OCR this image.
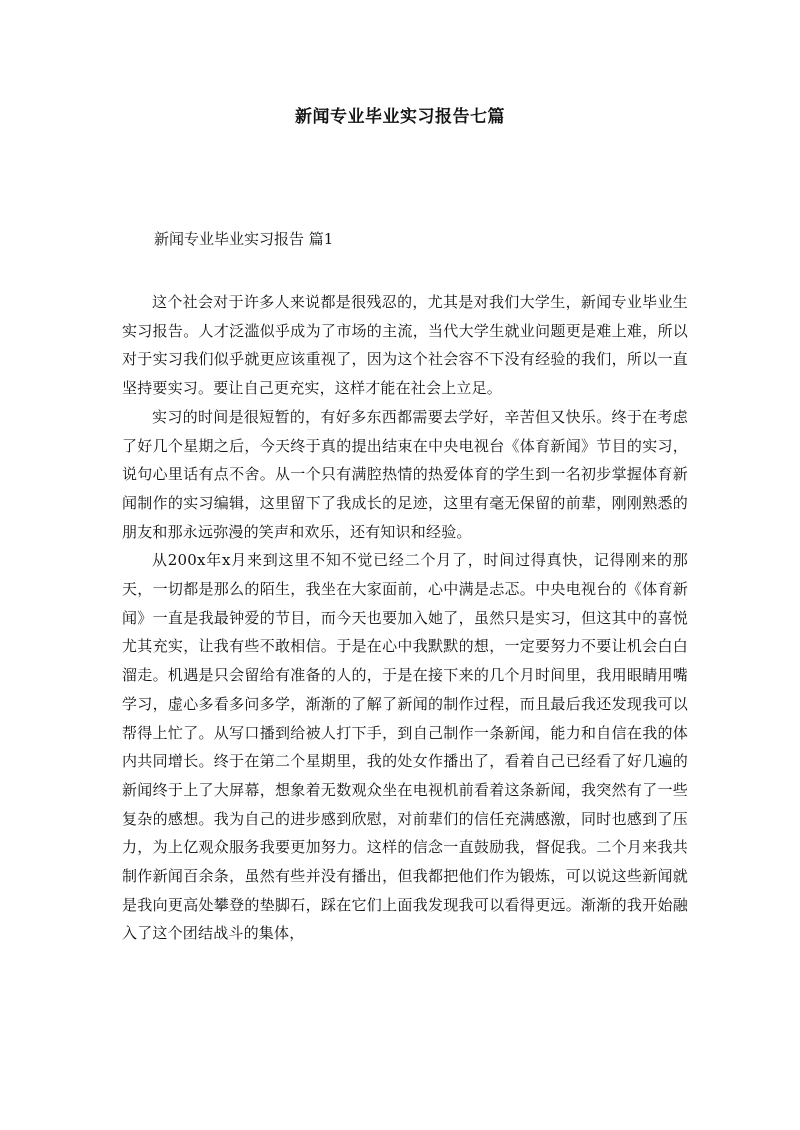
新闻专业毕业实习报告七篇
新闻专业毕业实习报告 篇1

这个社会对于许多人来说都是很残忍的，尤其是对我们大学生，新闻专业毕业生实习报告。人才泛滥似乎成为了市场的主流，当代大学生就业问题更是难上难，所以对于实习我们似乎就更应该重视了，因为这个社会容不下没有经验的我们，所以一直坚持要实习。要让自己更充实，这样才能在社会上立足。

实习的时间是很短暂的，有好多东西都需要去学好，辛苦但又快乐。终于在考虑了好几个星期之后，今天终于真的提出结束在中央电视台《体育新闻》节目的实习，说句心里话有点不舍。从一个只有满腔热情的热爱体育的学生到一名初步掌握体育新闻制作的实习编辑，这里留下了我成长的足迹，这里有毫无保留的前辈，刚刚熟悉的朋友和那永远弥漫的笑声和欢乐，还有知识和经验。

从200x年x月来到这里不知不觉已经二个月了，时间过得真快，记得刚来的那天，一切都是那么的陌生，我坐在大家面前，心中满是忐忑。中央电视台的《体育新闻》一直是我最钟爱的节目，而今天也要加入她了，虽然只是实习，但这其中的喜悦尤其充实，让我有些不敢相信。于是在心中我默默的想，一定要努力不要让机会白白溜走。机遇是只会留给有准备的人的，于是在接下来的几个月时间里，我用眼睛用嘴学习，虚心多看多问多学，渐渐的了解了新闻的制作过程，而且最后我还发现我可以帮得上忙了。从写口播到给被人打下手，到自己制作一条新闻，能力和自信在我的体内共同增长。终于在第二个星期里，我的处女作播出了，看着自己已经看了好几遍的新闻终于上了大屏幕，想象着无数观众坐在电视机前看着这条新闻，我突然有了一些复杂的感想。我为自己的进步感到欣慰，对前辈们的信任充满感激，同时也感到了压力，为上亿观众服务我要更加努力。这样的信念一直鼓励我，督促我。二个月来我共制作新闻百余条，虽然有些并没有播出，但我都把他们作为锻炼，可以说这些新闻就是我向更高处攀登的垫脚石，踩在它们上面我发现我可以看得更远。渐渐的我开始融入了这个团结战斗的集体，
